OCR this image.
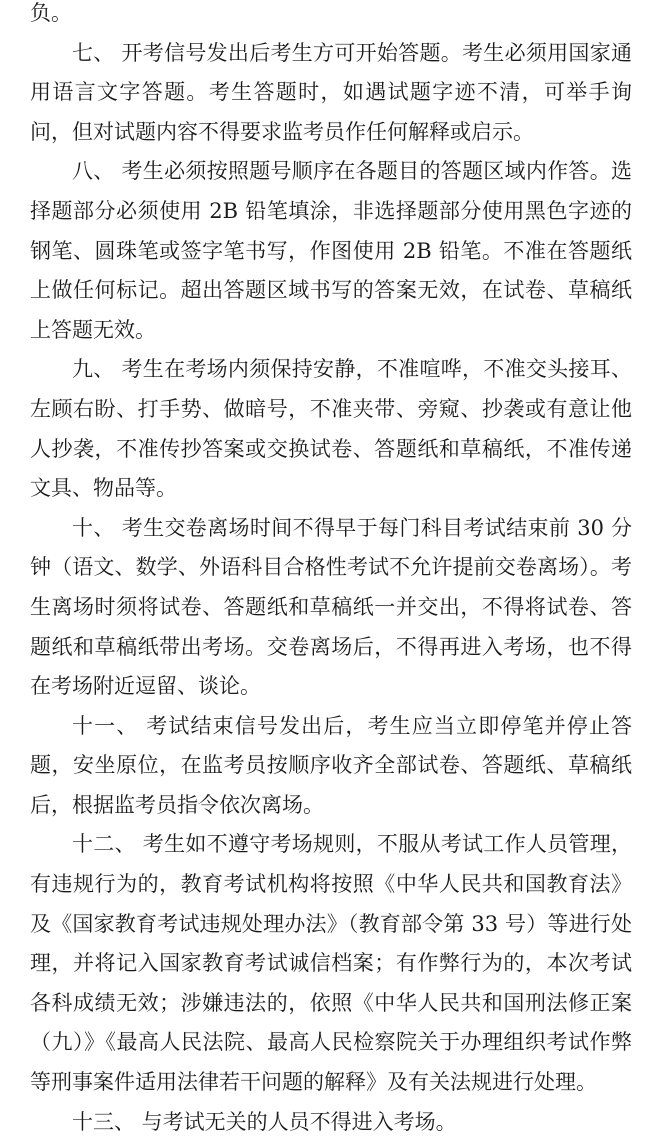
负。

七、 开考信号发出后考生方可开始答题。考生必须用国家通用语言文字答题。考生答题时，如遇试题字迹不清，可举手询问，但对试题内容不得要求监考员作任何解释或启示。

八、 考生必须按照题号顺序在各题目的答题区域内作答。选择题部分必须使用 2B 铅笔填涂，非选择题部分使用黑色字迹的钢笔、圆珠笔或签字笔书写，作图使用 2B 铅笔。不准在答题纸上做任何标记。超出答题区域书写的答案无效，在试卷、草稿纸上答题无效。

九、 考生在考场内须保持安静，不准喧哗，不准交头接耳、左顾右盼、打手势、做暗号，不准夹带、旁窥、抄袭或有意让他人抄袭，不准传抄答案或交换试卷、答题纸和草稿纸，不准传递文具、物品等。

十、 考生交卷离场时间不得早于每门科目考试结束前 30 分钟（语文、数学、外语科目合格性考试不允许提前交卷离场）。考生离场时须将试卷、答题纸和草稿纸一并交出，不得将试卷、答题纸和草稿纸带出考场。交卷离场后，不得再进入考场，也不得在考场附近逗留、谈论。

十一、 考试结束信号发出后，考生应当立即停笔并停止答题，安坐原位，在监考员按顺序收齐全部试卷、答题纸、草稿纸后，根据监考员指令依次离场。

十二、 考生如不遵守考场规则，不服从考试工作人员管理，有违规行为的，教育考试机构将按照《中华人民共和国教育法》及《国家教育考试违规处理办法》（教育部令第 33 号）等进行处理，并将记入国家教育考试诚信档案；有作弊行为的，本次考试各科成绩无效；涉嫌违法的，依照《中华人民共和国刑法修正案（九）》《最高人民法院、最高人民检察院关于办理组织考试作弊等刑事案件适用法律若干问题的解释》及有关法规进行处理。

十三、 与考试无关的人员不得进入考场。
